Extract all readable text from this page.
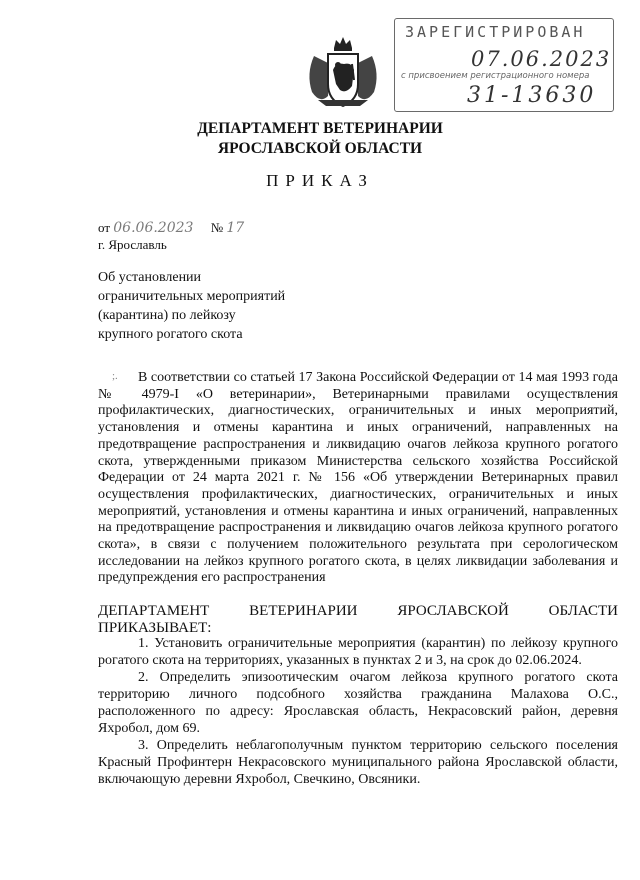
ЗАРЕГИСТРИРОВАН
07.06.2023
с присвоением регистрационного номера
31-13630
ДЕПАРТАМЕНТ ВЕТЕРИНАРИИ
ЯРОСЛАВСКОЙ ОБЛАСТИ
ПРИКАЗ
от 06.06.2023 № 17
г. Ярославль
Об установлении
ограничительных мероприятий
(карантина) по лейкозу
крупного рогатого скота
;.	В соответствии со статьей 17 Закона Российской Федерации от 14 мая 1993 года № 4979-I «О ветеринарии», Ветеринарными правилами осуществления профилактических, диагностических, ограничительных и иных мероприятий, установления и отмены карантина и иных ограничений, направленных на предотвращение распространения и ликвидацию очагов лейкоза крупного рогатого скота, утвержденными приказом Министерства сельского хозяйства Российской Федерации от 24 марта 2021 г. № 156 «Об утверждении Ветеринарных правил осуществления профилактических, диагностических, ограничительных и иных мероприятий, установления и отмены карантина и иных ограничений, направленных на предотвращение распространения и ликвидацию очагов лейкоза крупного рогатого скота», в связи с получением положительного результата при серологическом исследовании на лейкоз крупного рогатого скота, в целях ликвидации заболевания и предупреждения его распространения

ДЕПАРТАМЕНТ	ВЕТЕРИНАРИИ	ЯРОСЛАВСКОЙ	ОБЛАСТИ
ПРИКАЗЫВАЕТ:

1. Установить ограничительные мероприятия (карантин) по лейкозу крупного рогатого скота на территориях, указанных в пунктах 2 и 3, на срок до 02.06.2024.

2. Определить эпизоотическим очагом лейкоза крупного рогатого скота территорию личного подсобного хозяйства гражданина Малахова О.С., расположенного по адресу: Ярославская область, Некрасовский район, деревня Яхробол, дом 69.

3. Определить неблагополучным пунктом территорию сельского поселения Красный Профинтерн Некрасовского муниципального района Ярославской области, включающую деревни Яхробол, Свечкино, Овсяники.
